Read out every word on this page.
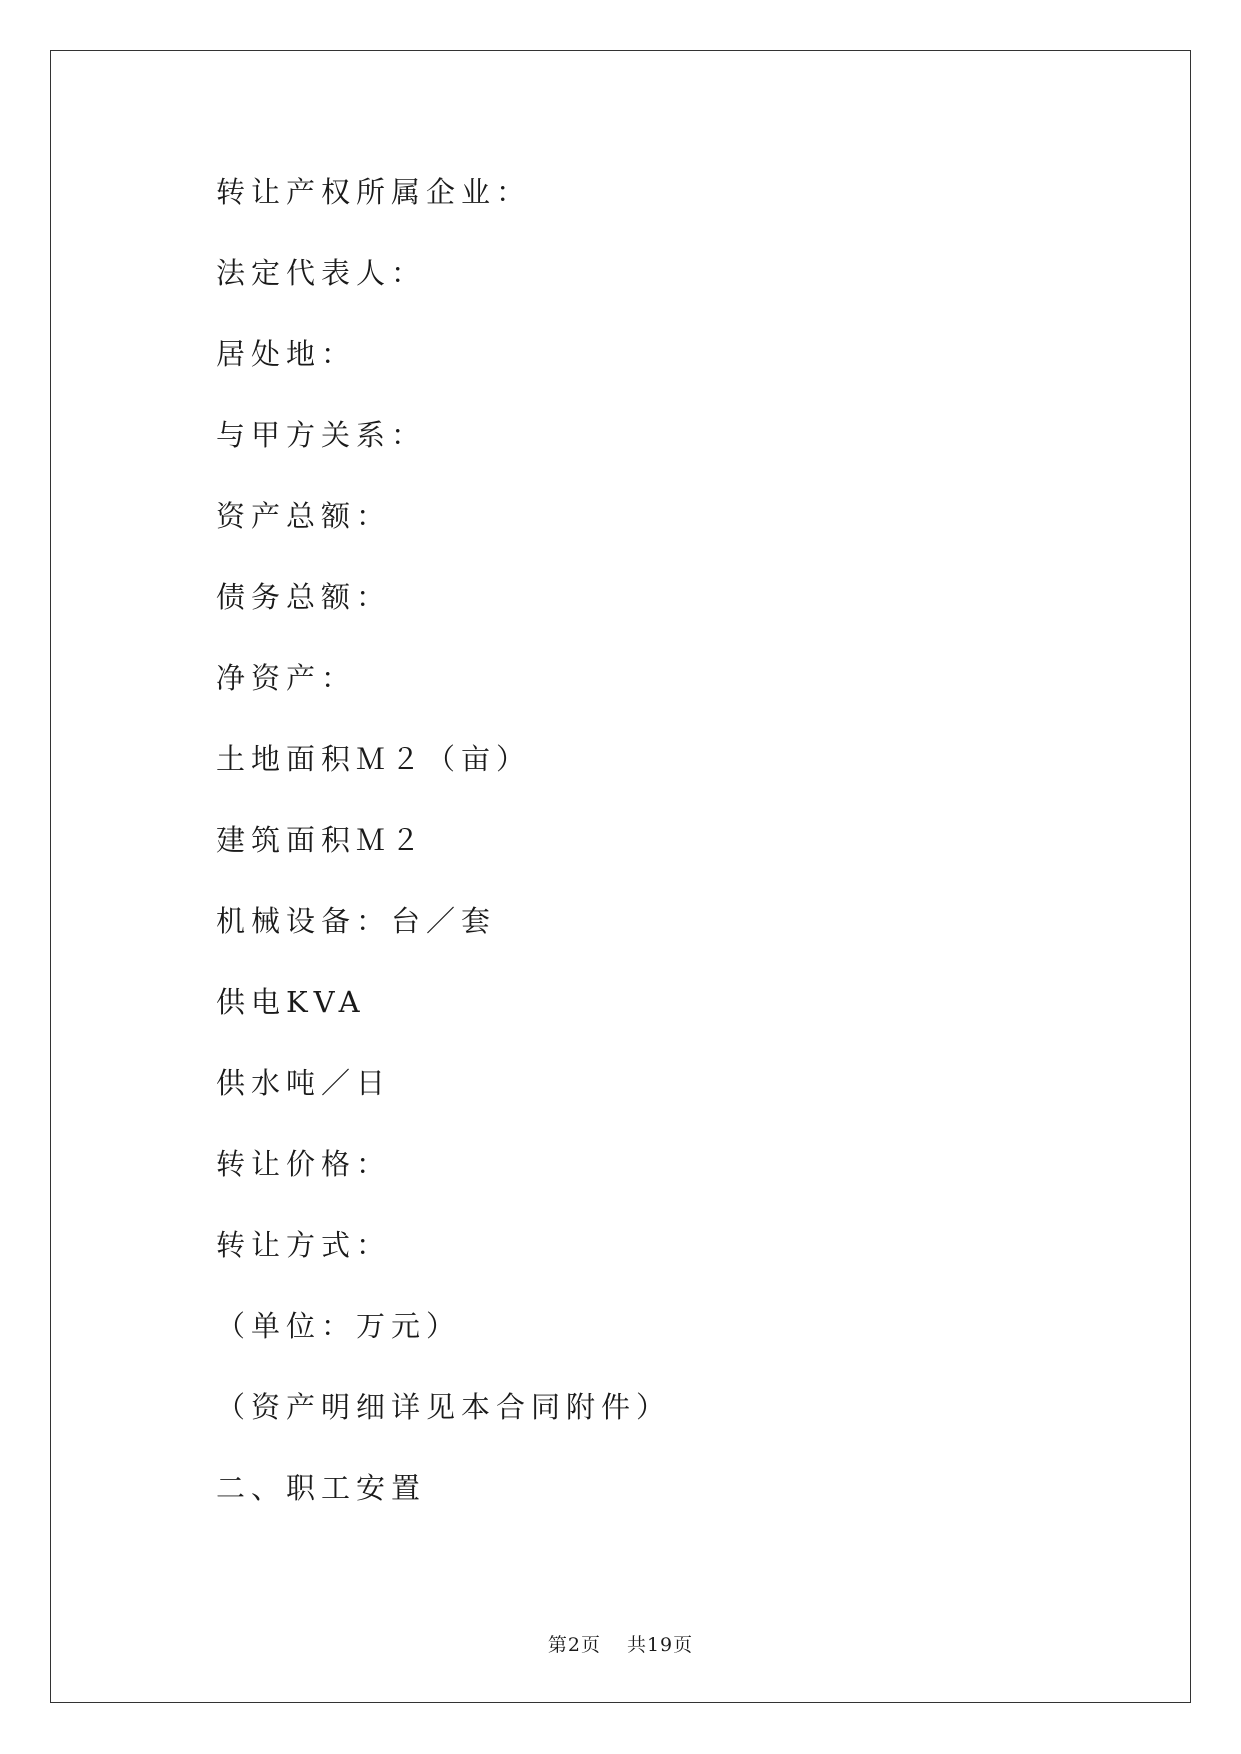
转让产权所属企业：
法定代表人：
居处地：
与甲方关系：
资产总额：
债务总额：
净资产：
土地面积Ｍ２（亩）
建筑面积Ｍ２
机械设备：台／套
供电KVA
供水吨／日
转让价格：
转让方式：
（单位：万元）
（资产明细详见本合同附件）
二、职工安置
第2页 共19页
